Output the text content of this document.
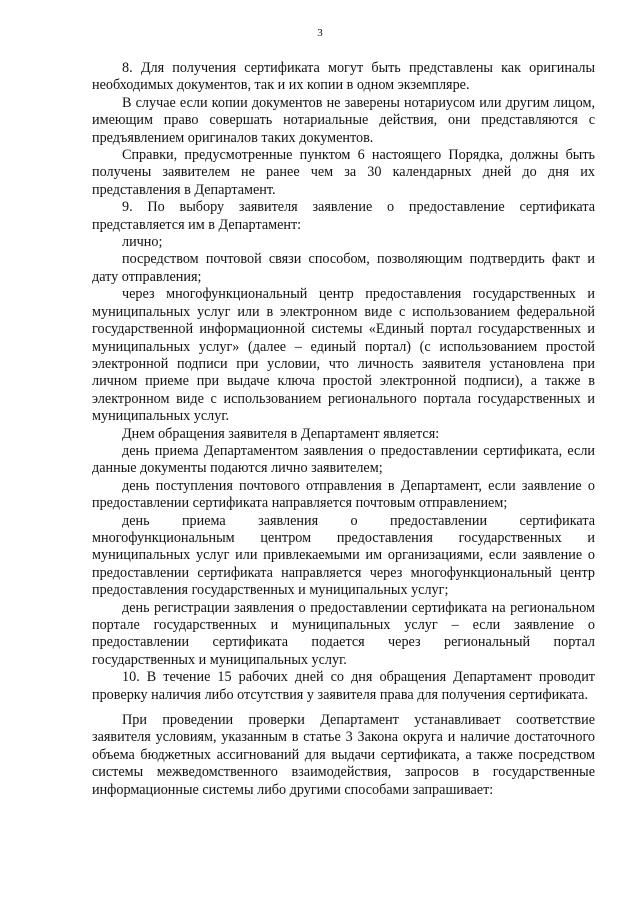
3

8. Для получения сертификата могут быть представлены как оригиналы необходимых документов, так и их копии в одном экземпляре.

В случае если копии документов не заверены нотариусом или другим лицом, имеющим право совершать нотариальные действия, они представляются с предъявлением оригиналов таких документов.

Справки, предусмотренные пунктом 6 настоящего Порядка, должны быть получены заявителем не ранее чем за 30 календарных дней до дня их представления в Департамент.

9. По выбору заявителя заявление о предоставление сертификата представляется им в Департамент:

лично;

посредством почтовой связи способом, позволяющим подтвердить факт и дату отправления;

через многофункциональный центр предоставления государственных и муниципальных услуг или в электронном виде с использованием федеральной государственной информационной системы «Единый портал государственных и муниципальных услуг» (далее – единый портал) (с использованием простой электронной подписи при условии, что личность заявителя установлена при личном приеме при выдаче ключа простой электронной подписи), а также в электронном виде с использованием регионального портала государственных и муниципальных услуг.

Днем обращения заявителя в Департамент является:

день приема Департаментом заявления о предоставлении сертификата, если данные документы подаются лично заявителем;

день поступления почтового отправления в Департамент, если заявление о предоставлении сертификата направляется почтовым отправлением;

день приема заявления о предоставлении сертификата многофункциональным центром предоставления государственных и муниципальных услуг или привлекаемыми им организациями, если заявление о предоставлении сертификата направляется через многофункциональный центр предоставления государственных и муниципальных услуг;

день регистрации заявления о предоставлении сертификата на региональном портале государственных и муниципальных услуг – если заявление о предоставлении сертификата подается через региональный портал государственных и муниципальных услуг.

10. В течение 15 рабочих дней со дня обращения Департамент проводит проверку наличия либо отсутствия у заявителя права для получения сертификата.

При проведении проверки Департамент устанавливает соответствие заявителя условиям, указанным в статье 3 Закона округа и наличие достаточного объема бюджетных ассигнований для выдачи сертификата, а также посредством системы межведомственного взаимодействия, запросов в государственные информационные системы либо другими способами запрашивает:
